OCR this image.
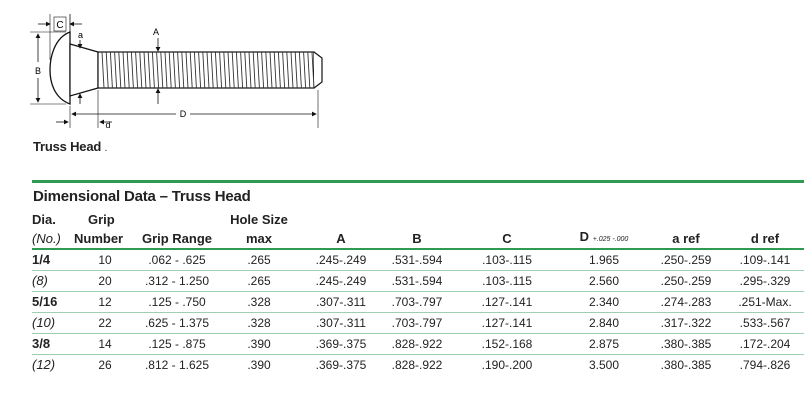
C
a	A
B
d
D
Truss Head .
Dimensional Data – Truss Head
Dia.	Grip		Hole Size						
(No.)	Number	Grip Range	max	A	B	C	D +.025 -.000	a ref	d ref
1/4	10	.062 - .625	.265	.245-.249	.531-.594	.103-.115	1.965	.250-.259	.109-.141
(8)	20	.312 - 1.250	.265	.245-.249	.531-.594	.103-.115	2.560	.250-.259	.295-.329
5/16	12	.125 - .750	.328	.307-.311	.703-.797	.127-.141	2.340	.274-.283	.251-Max.
(10)	22	.625 - 1.375	.328	.307-.311	.703-.797	.127-.141	2.840	.317-.322	.533-.567
3/8	14	.125 - .875	.390	.369-.375	.828-.922	.152-.168	2.875	.380-.385	.172-.204
(12)	26	.812 - 1.625	.390	.369-.375	.828-.922	.190-.200	3.500	.380-.385	.794-.826
